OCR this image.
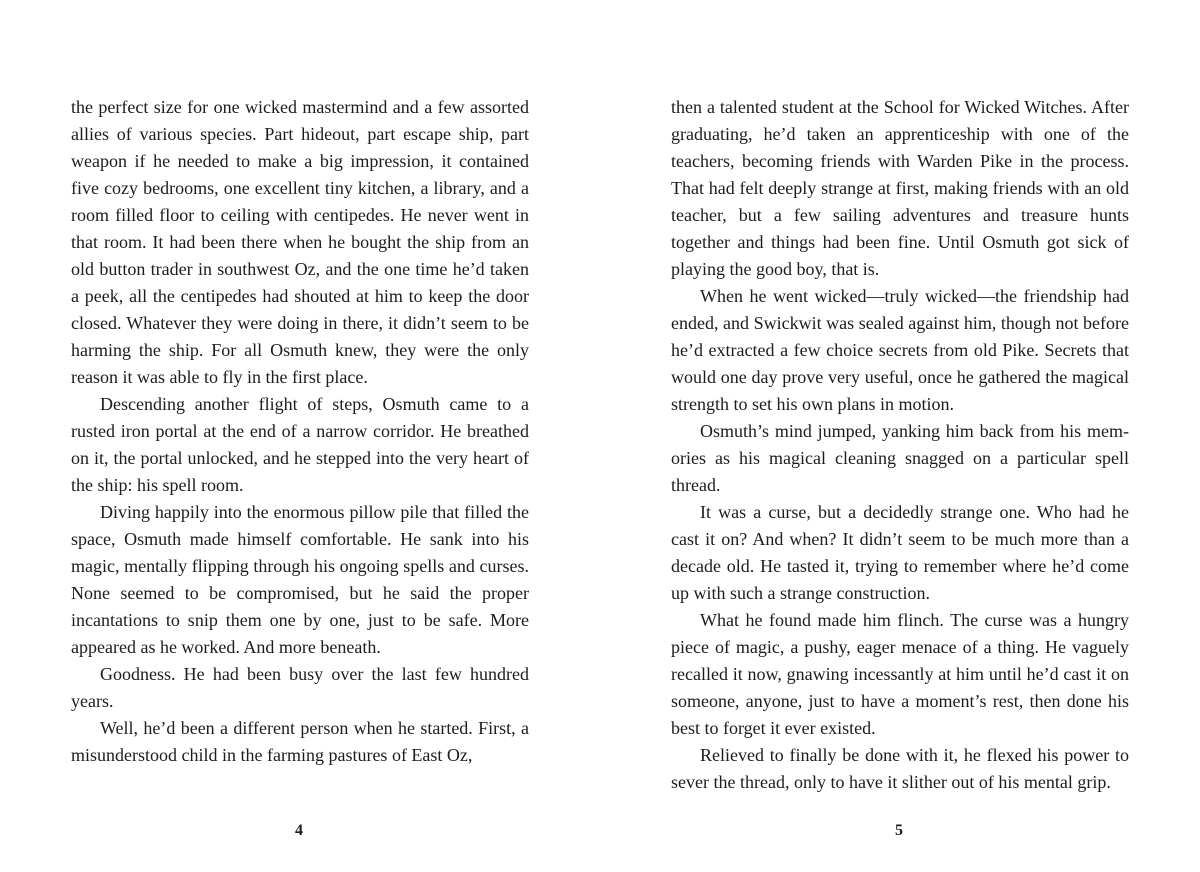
the perfect size for one wicked mastermind and a few assorted allies of various species. Part hideout, part escape ship, part weapon if he needed to make a big impression, it contained five cozy bedrooms, one excellent tiny kitchen, a library, and a room filled floor to ceiling with centipedes. He never went in that room. It had been there when he bought the ship from an old button trader in southwest Oz, and the one time he’d taken a peek, all the centipedes had shouted at him to keep the door closed. Whatever they were doing in there, it didn’t seem to be harming the ship. For all Osmuth knew, they were the only reason it was able to fly in the first place.

Descending another flight of steps, Osmuth came to a rusted iron portal at the end of a narrow corridor. He breathed on it, the portal unlocked, and he stepped into the very heart of the ship: his spell room.

Diving happily into the enormous pillow pile that filled the space, Osmuth made himself comfortable. He sank into his magic, mentally flipping through his ongoing spells and curses. None seemed to be compromised, but he said the proper incantations to snip them one by one, just to be safe. More appeared as he worked. And more beneath.

Goodness. He had been busy over the last few hundred years.

Well, he’d been a different person when he started. First, a misunderstood child in the farming pastures of East Oz,

then a talented student at the School for Wicked Witches. After graduating, he’d taken an apprenticeship with one of the teachers, becoming friends with Warden Pike in the process. That had felt deeply strange at first, making friends with an old teacher, but a few sailing adventures and treasure hunts together and things had been fine. Until Osmuth got sick of playing the good boy, that is.

When he went wicked—truly wicked—the friendship had ended, and Swickwit was sealed against him, though not before he’d extracted a few choice secrets from old Pike. Secrets that would one day prove very useful, once he gathered the magical strength to set his own plans in motion.

Osmuth’s mind jumped, yanking him back from his memories as his magical cleaning snagged on a particular spell thread.

It was a curse, but a decidedly strange one. Who had he cast it on? And when? It didn’t seem to be much more than a decade old. He tasted it, trying to remember where he’d come up with such a strange construction.

What he found made him flinch. The curse was a hungry piece of magic, a pushy, eager menace of a thing. He vaguely recalled it now, gnawing incessantly at him until he’d cast it on someone, anyone, just to have a moment’s rest, then done his best to forget it ever existed.

Relieved to finally be done with it, he flexed his power to sever the thread, only to have it slither out of his mental grip.

4	5
